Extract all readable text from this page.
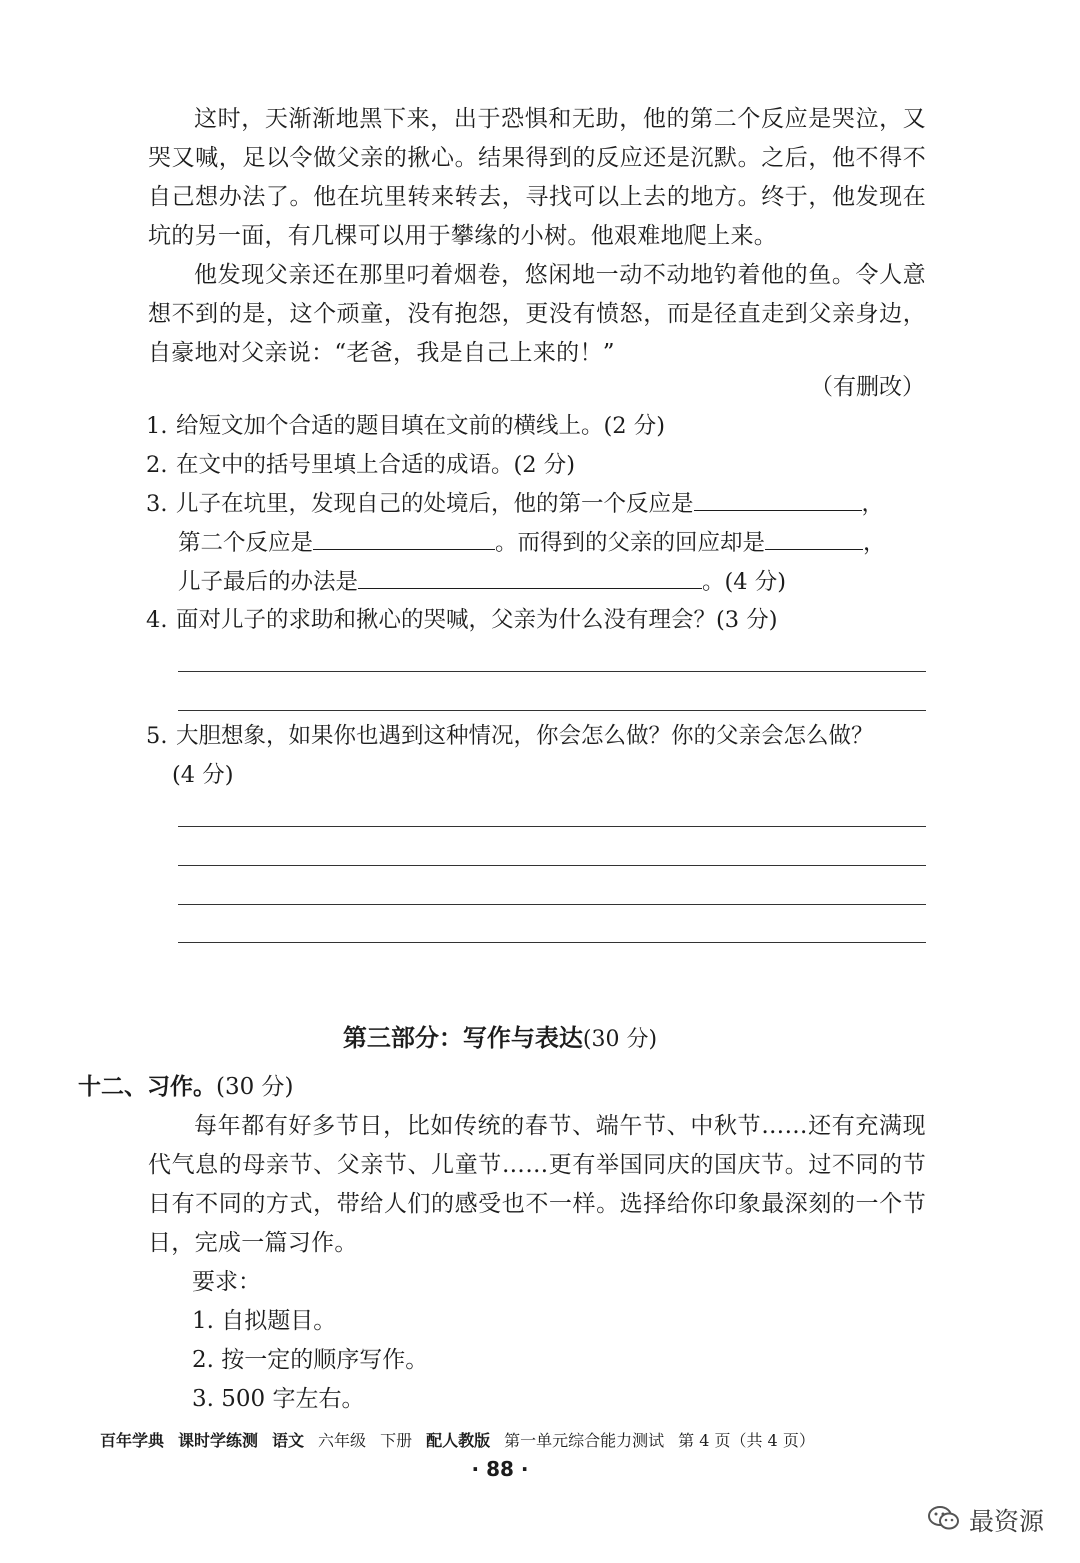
这时，天渐渐地黑下来，出于恐惧和无助，他的第二个反应是哭泣，又哭又喊，足以令做父亲的揪心。结果得到的反应还是沉默。之后，他不得不自己想办法了。他在坑里转来转去，寻找可以上去的地方。终于，他发现在坑的另一面，有几棵可以用于攀缘的小树。他艰难地爬上来。

他发现父亲还在那里叼着烟卷，悠闲地一动不动地钓着他的鱼。令人意想不到的是，这个顽童，没有抱怨，更没有愤怒，而是径直走到父亲身边，自豪地对父亲说：“老爸，我是自己上来的！”

（有删改）
1. 给短文加个合适的题目填在文前的横线上。(2 分)
2. 在文中的括号里填上合适的成语。(2 分)
3. 儿子在坑里，发现自己的处境后，他的第一个反应是	，
第二个反应是	。而得到的父亲的回应却是	，
儿子最后的办法是	。(4 分)
4. 面对儿子的求助和揪心的哭喊，父亲为什么没有理会？(3 分)
5. 大胆想象，如果你也遇到这种情况，你会怎么做？你的父亲会怎么做？
(4 分)
第三部分：写作与表达(30 分)
十二、习作。(30 分)

每年都有好多节日，比如传统的春节、端午节、中秋节……还有充满现代气息的母亲节、父亲节、儿童节……更有举国同庆的国庆节。过不同的节日有不同的方式，带给人们的感受也不一样。选择给你印象最深刻的一个节日，完成一篇习作。

要求：
1. 自拟题目。
2. 按一定的顺序写作。
3. 500 字左右。
百年学典 课时学练测 语文 六年级 下册 配人教版 第一单元综合能力测试 第 4 页（共 4 页）
· 88 ·
最资源
